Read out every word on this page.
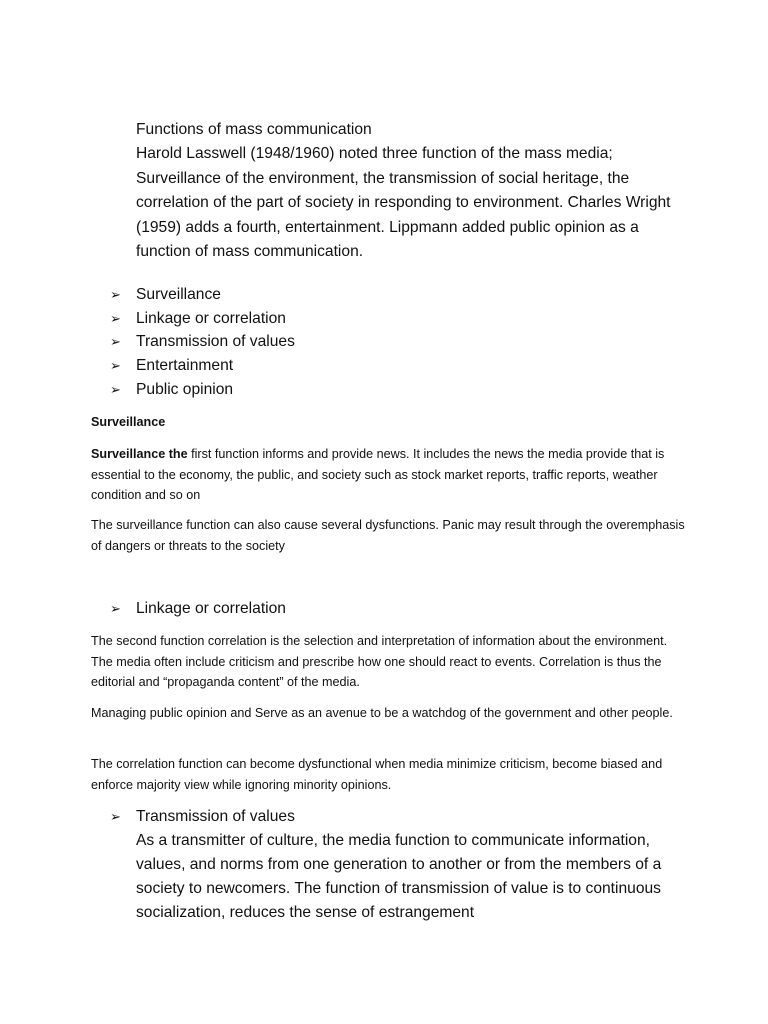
Functions of mass communication

Harold Lasswell (1948/1960) noted three function of the mass media; Surveillance of the environment, the transmission of social heritage, the correlation of the part of society in responding to environment. Charles Wright (1959) adds a fourth, entertainment. Lippmann added public opinion as a function of mass communication.

➢ Surveillance
➢ Linkage or correlation
➢ Transmission of values
➢ Entertainment
➢ Public opinion

Surveillance

Surveillance the first function informs and provide news. It includes the news the media provide that is essential to the economy, the public, and society such as stock market reports, traffic reports, weather condition and so on

The surveillance function can also cause several dysfunctions. Panic may result through the overemphasis of dangers or threats to the society

➢ Linkage or correlation

The second function correlation is the selection and interpretation of information about the environment. The media often include criticism and prescribe how one should react to events. Correlation is thus the editorial and “propaganda content” of the media.

Managing public opinion and Serve as an avenue to be a watchdog of the government and other people.

The correlation function can become dysfunctional when media minimize criticism, become biased and enforce majority view while ignoring minority opinions.

➢ Transmission of values

As a transmitter of culture, the media function to communicate information, values, and norms from one generation to another or from the members of a society to newcomers. The function of transmission of value is to continuous socialization, reduces the sense of estrangement
